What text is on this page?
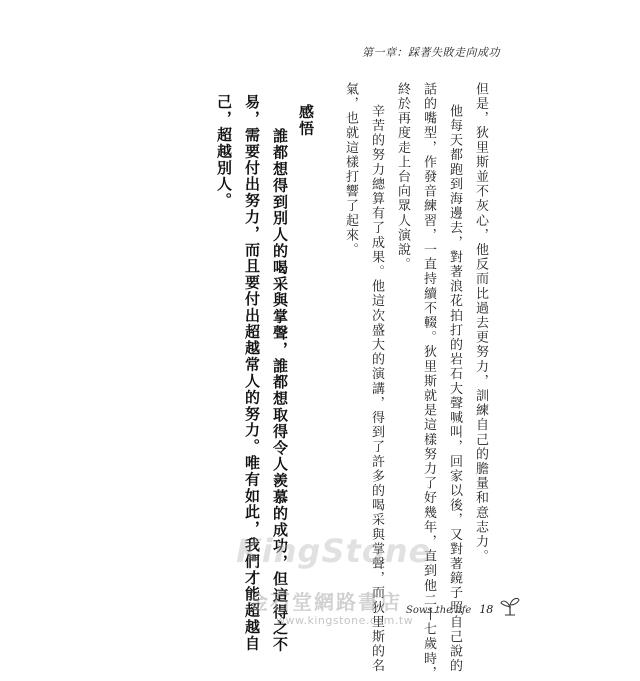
第一章：踩著失敗走向成功
但是，狄里斯並不灰心，他反而比過去更努力，訓練自己的膽量和意志力。
他每天都跑到海邊去，對著浪花拍打的岩石大聲喊叫，回家以後，又對著鏡子照自己說的
話的嘴型，作發音練習，一直持續不輟。狄里斯就是這樣努力了好幾年，直到他二十七歲時，
終於再度走上台向眾人演說。
辛苦的努力總算有了成果。他這次盛大的演講，得到了許多的喝采與掌聲，而狄里斯的名
氣，也就這樣打響了起來。
感悟
誰都想得到別人的喝采與掌聲，誰都想取得令人羨慕的成功，但這得之不
易，需要付出努力，而且要付出超越常人的努力。唯有如此，我們才能超越自
己，超越別人。
KingStone
金石堂網路書店
www.kingstone.com.tw
Sows the life 18
